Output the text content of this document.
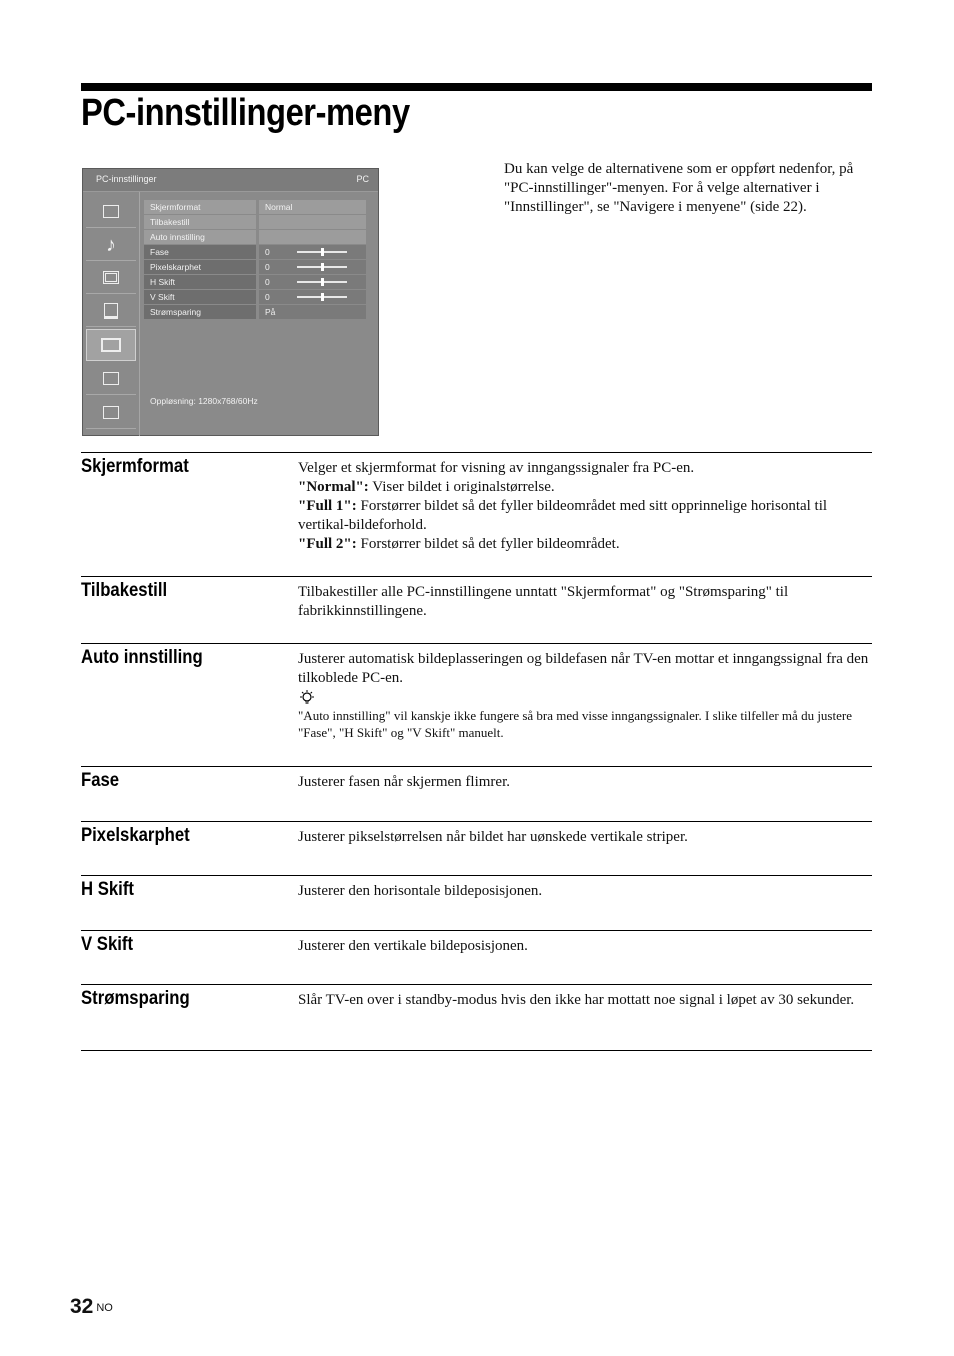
PC-innstillinger-meny
Du kan velge de alternativene som er oppført nedenfor, på "PC-innstillinger"-menyen. For å velge alternativer i "Innstillinger", se "Navigere i menyene" (side 22).
PC-innstillinger	PC
♪
Skjermformat	Normal
Tilbakestill
Auto innstilling
Fase	0
Pixelskarphet	0
H Skift	0
V Skift	0
Strømsparing	På
Oppløsning: 1280x768/60Hz
Skjermformat	Velger et skjermformat for visning av inngangssignaler fra PC-en.

"Normal": Viser bildet i originalstørrelse.

"Full 1": Forstørrer bildet så det fyller bildeområdet med sitt opprinnelige horisontal til vertikal-bildeforhold.

"Full 2": Forstørrer bildet så det fyller bildeområdet.

Tilbakestill	Tilbakestiller alle PC-innstillingene unntatt "Skjermformat" og "Strømsparing" til fabrikkinnstillingene.
Auto innstilling	Justerer automatisk bildeplasseringen og bildefasen når TV-en mottar et inngangssignal fra den tilkoblede PC-en.

"Auto innstilling" vil kanskje ikke fungere så bra med visse inngangssignaler. I slike tilfeller må du justere "Fase", "H Skift" og "V Skift" manuelt.

Fase	Justerer fasen når skjermen flimrer.
Pixelskarphet	Justerer pikselstørrelsen når bildet har uønskede vertikale striper.
H Skift	Justerer den horisontale bildeposisjonen.
V Skift	Justerer den vertikale bildeposisjonen.
Strømsparing	Slår TV-en over i standby-modus hvis den ikke har mottatt noe signal i løpet av 30 sekunder.
32 NO
